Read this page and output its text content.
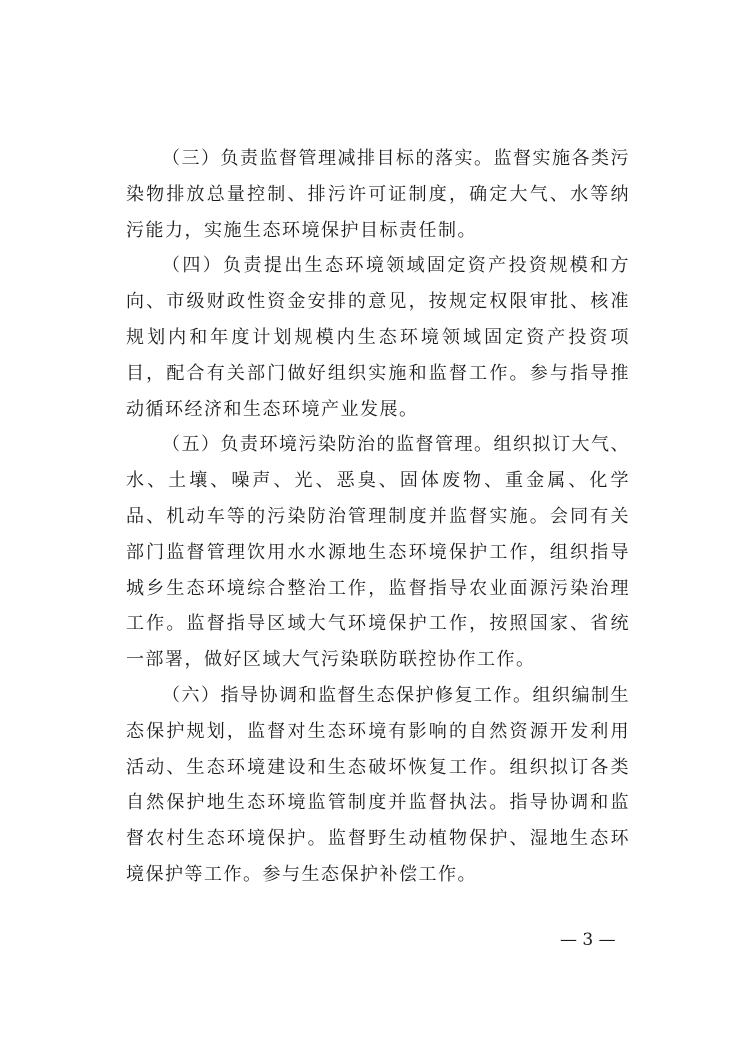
（三）负责监督管理减排目标的落实。监督实施各类污染物排放总量控制、排污许可证制度，确定大气、水等纳污能力，实施生态环境保护目标责任制。

（四）负责提出生态环境领域固定资产投资规模和方向、市级财政性资金安排的意见，按规定权限审批、核准规划内和年度计划规模内生态环境领域固定资产投资项目，配合有关部门做好组织实施和监督工作。参与指导推动循环经济和生态环境产业发展。

（五）负责环境污染防治的监督管理。组织拟订大气、水、土壤、噪声、光、恶臭、固体废物、重金属、化学品、机动车等的污染防治管理制度并监督实施。会同有关部门监督管理饮用水水源地生态环境保护工作，组织指导城乡生态环境综合整治工作，监督指导农业面源污染治理工作。监督指导区域大气环境保护工作，按照国家、省统一部署，做好区域大气污染联防联控协作工作。

（六）指导协调和监督生态保护修复工作。组织编制生态保护规划，监督对生态环境有影响的自然资源开发利用活动、生态环境建设和生态破坏恢复工作。组织拟订各类自然保护地生态环境监管制度并监督执法。指导协调和监督农村生态环境保护。监督野生动植物保护、湿地生态环境保护等工作。参与生态保护补偿工作。

— 3 —
